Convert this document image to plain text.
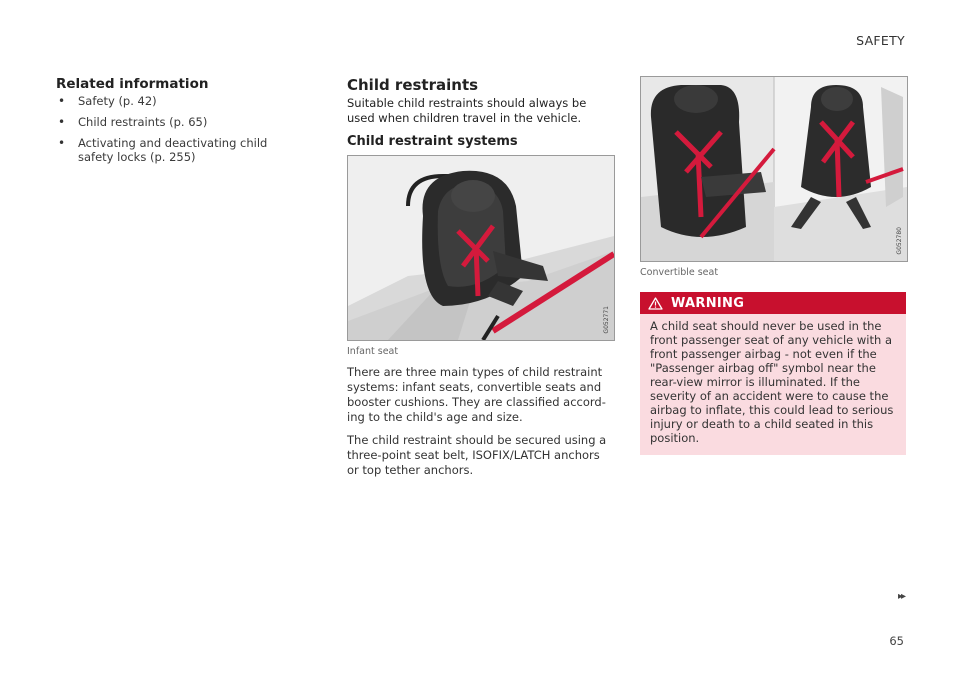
SAFETY
Related information
• Safety (p. 42)
• Child restraints (p. 65)
• Activating and deactivating child safety locks (p. 255)
Child restraints

Suitable child restraints should always be used when children travel in the vehicle.

Child restraint systems
G052771
Infant seat

There are three main types of child restraint systems: infant seats, convertible seats and booster cushions. They are classified accord-ing to the child's age and size.

The child restraint should be secured using a three-point seat belt, ISOFIX/LATCH anchors or top tether anchors.

G052780
Convertible seat
WARNING
A child seat should never be used in the front passenger seat of any vehicle with a front passenger airbag - not even if the "Passenger airbag off" symbol near the rear-view mirror is illuminated. If the severity of an accident were to cause the airbag to inflate, this could lead to serious injury or death to a child seated in this position.
▸▸
65
